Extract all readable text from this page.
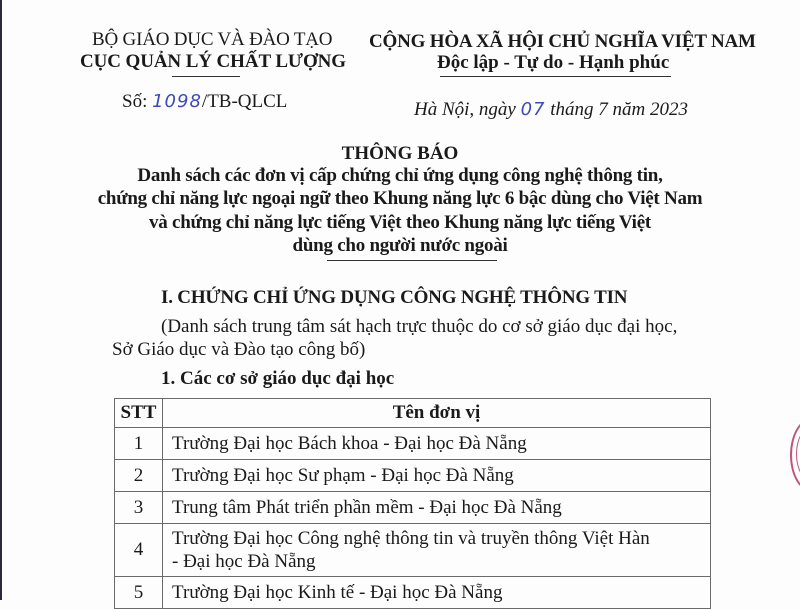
BỘ GIÁO DỤC VÀ ĐÀO TẠO
CỤC QUẢN LÝ CHẤT LƯỢNG
Số: 1098/TB-QLCL
CỘNG HÒA XÃ HỘI CHỦ NGHĨA VIỆT NAM
Độc lập - Tự do - Hạnh phúc
Hà Nội, ngày 07 tháng 7 năm 2023
THÔNG BÁO
Danh sách các đơn vị cấp chứng chỉ ứng dụng công nghệ thông tin,
chứng chỉ năng lực ngoại ngữ theo Khung năng lực 6 bậc dùng cho Việt Nam
và chứng chỉ năng lực tiếng Việt theo Khung năng lực tiếng Việt
dùng cho người nước ngoài
I. CHỨNG CHỈ ỨNG DỤNG CÔNG NGHỆ THÔNG TIN
(Danh sách trung tâm sát hạch trực thuộc do cơ sở giáo dục đại học,
Sở Giáo dục và Đào tạo công bố)
1. Các cơ sở giáo dục đại học
STT	Tên đơn vị
1	Trường Đại học Bách khoa - Đại học Đà Nẵng
2	Trường Đại học Sư phạm - Đại học Đà Nẵng
3	Trung tâm Phát triển phần mềm - Đại học Đà Nẵng
4	Trường Đại học Công nghệ thông tin và truyền thông Việt Hàn
- Đại học Đà Nẵng

5	Trường Đại học Kinh tế - Đại học Đà Nẵng
